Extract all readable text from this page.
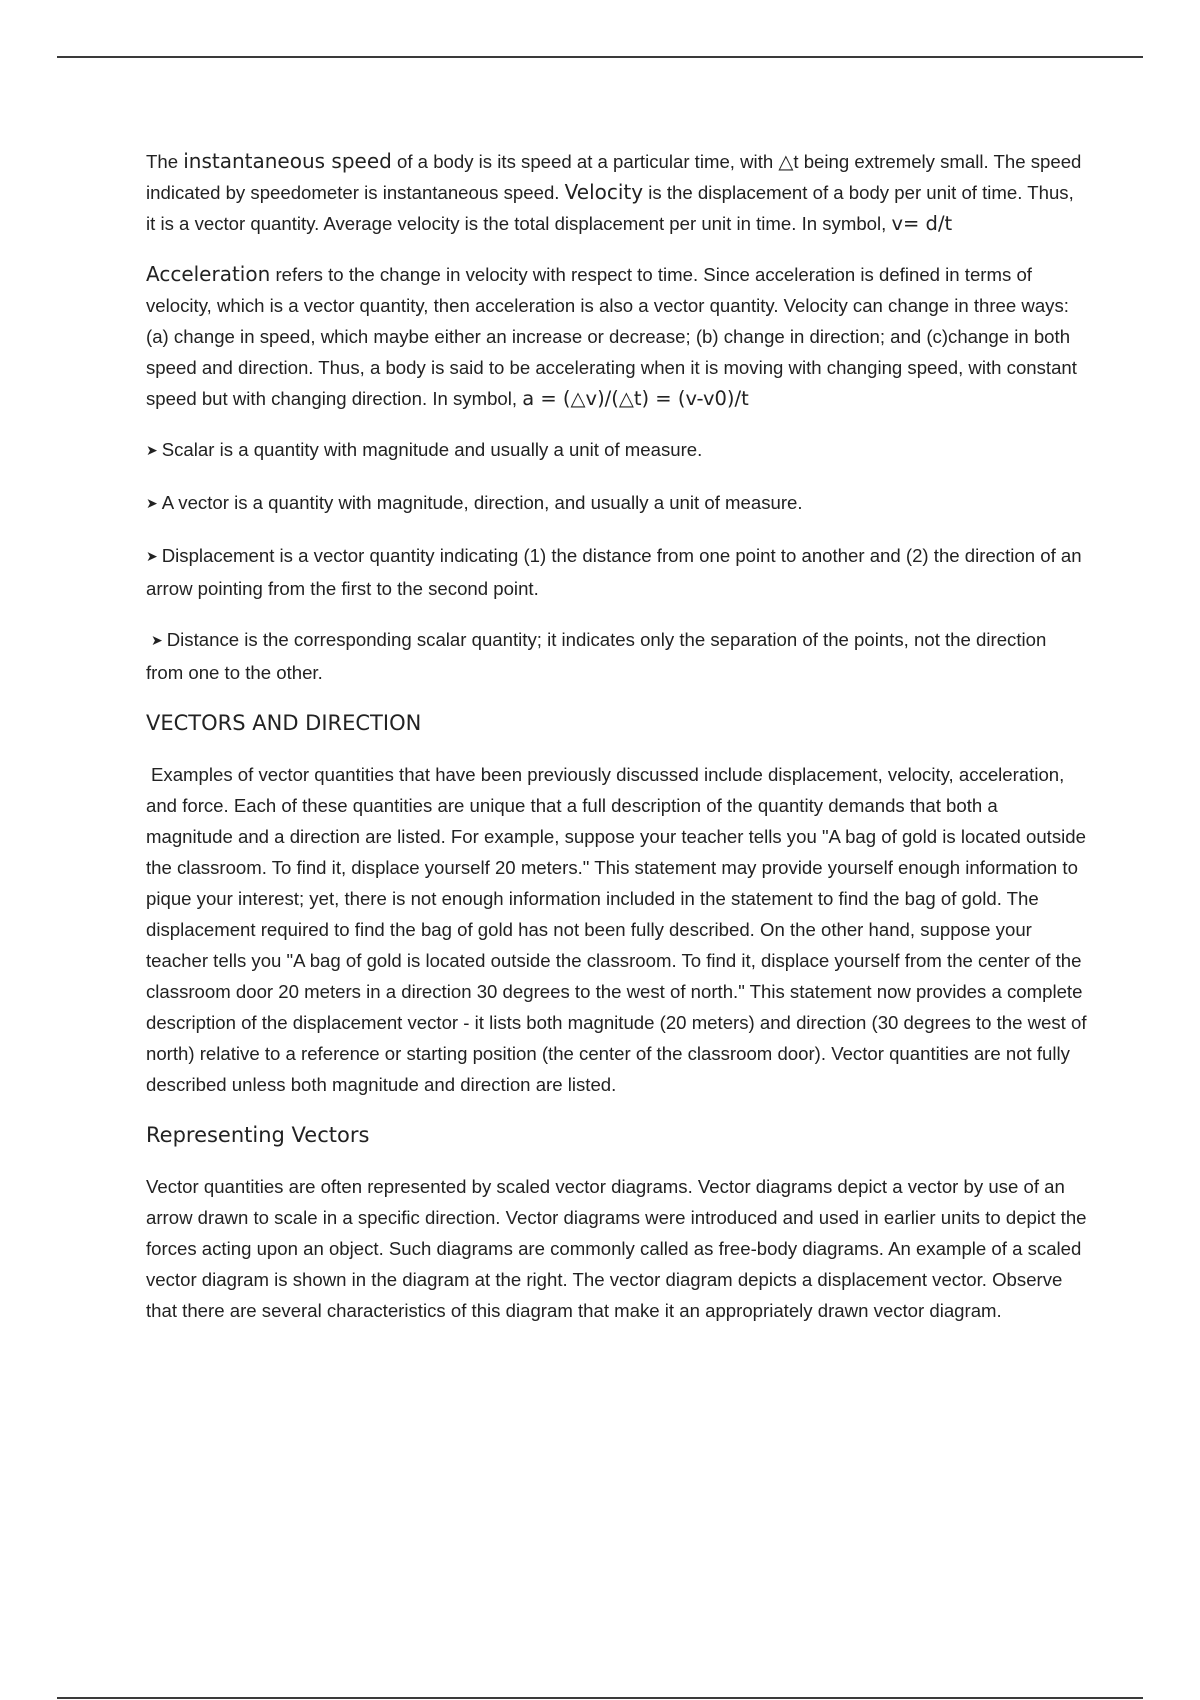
The instantaneous speed of a body is its speed at a particular time, with △t being extremely small. The speed indicated by speedometer is instantaneous speed. Velocity is the displacement of a body per unit of time. Thus, it is a vector quantity. Average velocity is the total displacement per unit in time. In symbol, v= d/t

Acceleration refers to the change in velocity with respect to time. Since acceleration is defined in terms of velocity, which is a vector quantity, then acceleration is also a vector quantity. Velocity can change in three ways: (a) change in speed, which maybe either an increase or decrease; (b) change in direction; and (c)change in both speed and direction. Thus, a body is said to be accelerating when it is moving with changing speed, with constant speed but with changing direction. In symbol, a = (△v)/(△t) = (v-v0)/t

➤ Scalar is a quantity with magnitude and usually a unit of measure.

➤ A vector is a quantity with magnitude, direction, and usually a unit of measure.

➤ Displacement is a vector quantity indicating (1) the distance from one point to another and (2) the direction of an arrow pointing from the first to the second point.

➤ Distance is the corresponding scalar quantity; it indicates only the separation of the points, not the direction from one to the other.

VECTORS AND DIRECTION

Examples of vector quantities that have been previously discussed include displacement, velocity, acceleration, and force. Each of these quantities are unique that a full description of the quantity demands that both a magnitude and a direction are listed. For example, suppose your teacher tells you "A bag of gold is located outside the classroom. To find it, displace yourself 20 meters." This statement may provide yourself enough information to pique your interest; yet, there is not enough information included in the statement to find the bag of gold. The displacement required to find the bag of gold has not been fully described. On the other hand, suppose your teacher tells you "A bag of gold is located outside the classroom. To find it, displace yourself from the center of the classroom door 20 meters in a direction 30 degrees to the west of north." This statement now provides a complete description of the displacement vector - it lists both magnitude (20 meters) and direction (30 degrees to the west of north) relative to a reference or starting position (the center of the classroom door). Vector quantities are not fully described unless both magnitude and direction are listed.

Representing Vectors

Vector quantities are often represented by scaled vector diagrams. Vector diagrams depict a vector by use of an arrow drawn to scale in a specific direction. Vector diagrams were introduced and used in earlier units to depict the forces acting upon an object. Such diagrams are commonly called as free-body diagrams. An example of a scaled vector diagram is shown in the diagram at the right. The vector diagram depicts a displacement vector. Observe that there are several characteristics of this diagram that make it an appropriately drawn vector diagram.
